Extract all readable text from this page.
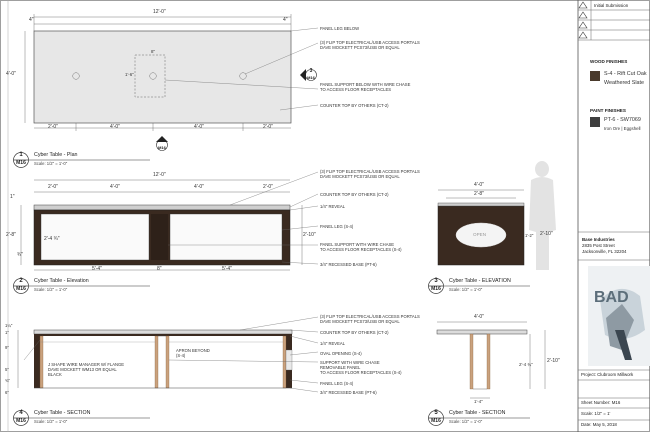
BAD
12'-0"
4"	4"
4'-0"
2'-0"	4'-0"	4'-0"	2'-0"
8"
1'-6"
PANEL LEG BELOW
(3) FLIP TOP ELECTRICAL/USB ACCESS PORTALS
DAVE MOCKETT PCS73/USB OR EQUAL
PANEL SUPPORT BELOW WITH WIRE CHASE
TO ACCESS FLOOR RECEPTACLES
COUNTER TOP BY OTHERS (CT-2)
3
M16
2
M16
12'-0"
2'-0"	4'-0"	4'-0"	2'-0"
5'-4"	8"	5'-4"
2'-8"
2'-4 ¾"
2'-10"
1"
¾"
(3) FLIP TOP ELECTRICAL/USB ACCESS PORTALS
DAVE MOCKETT PCS73/USB OR EQUAL
COUNTER TOP BY OTHERS (CT-2)
1/4" REVEAL
PANEL LEG (S-4)
PANEL SUPPORT WITH WIRE CHASE
TO ACCESS FLOOR RECEPTACLES (S-4)
3/4" RECESSED BASE (PT-6)
4'-0"
2'-8"
2'-10"
1'-2"
OPEN
(3) FLIP TOP ELECTRICAL/USB ACCESS PORTALS
DAVE MOCKETT PCS73/USB OR EQUAL
COUNTER TOP BY OTHERS (CT-2)
1/4" REVEAL
OVAL OPENING (S-4)
SUPPORT WITH WIRE CHASE
REMOVABLE PANEL
TO ACCESS FLOOR RECEPTACLES (S-4)
PANEL LEG (S-4)
3/4" RECESSED BASE (PT-6)
APRON BEYOND
(S-4)
J SHAPE WIRE MANAGER W/ FLANGE
DAVE MOCKETT WM13 OR EQUAL
BLACK
1¼"
1"
9"
5"
¾"
6"
4'-0"
2'-4 ¾"
2'-10"
1'-4"
1
M16
Cyber Table - Plan
Scale: 1/2" = 1'-0"
2
M16
Cyber Table - Elevation
Scale: 1/2" = 1'-0"
3
M16
Cyber Table - ELEVATION
Scale: 1/2" = 1'-0"
4
M16
Cyber Table - SECTION
Scale: 1/2" = 1'-0"
5
M16
Cyber Table - SECTION
Scale: 1/2" = 1'-0"
Initial Submission
WOOD FINISHES
S-4 - Rift Cut Oak
Weathered Slate
PAINT FINISHES
PT-6 - SW7069
Iron Ore | Eggshell
Base Industries
2835 Post Street
Jacksonville, FL 32204
Project: Clubroom Millwork
Sheet Number: M16
Scale: 1/2" = 1'
Date: May 5, 2018
